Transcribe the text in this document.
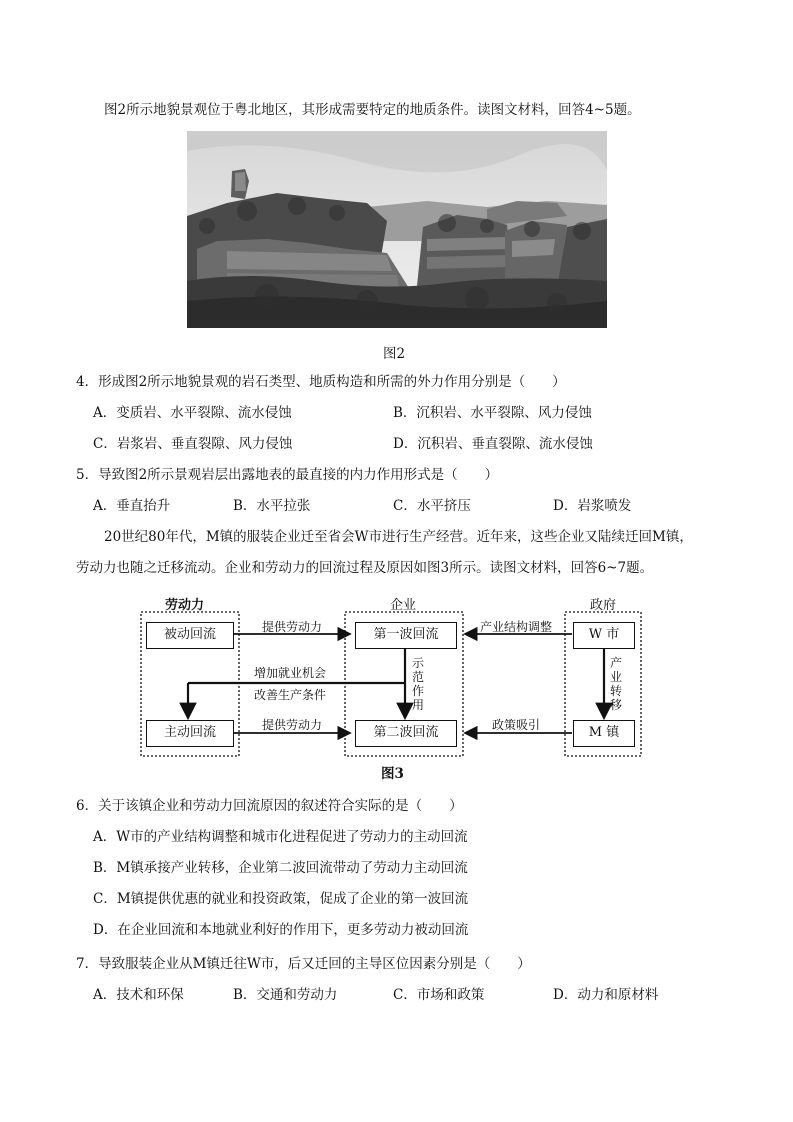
图2所示地貌景观位于粤北地区，其形成需要特定的地质条件。读图文材料，回答4~5题。
图2
4．形成图2所示地貌景观的岩石类型、地质构造和所需的外力作用分别是（　　）
A．变质岩、水平裂隙、流水侵蚀	B．沉积岩、水平裂隙、风力侵蚀
C．岩浆岩、垂直裂隙、风力侵蚀	D．沉积岩、垂直裂隙、流水侵蚀
5．导致图2所示景观岩层出露地表的最直接的内力作用形式是（　　）
A．垂直抬升	B．水平拉张	C．水平挤压	D．岩浆喷发
20世纪80年代，M镇的服装企业迁至省会W市进行生产经营。近年来，这些企业又陆续迁回M镇，
劳动力也随之迁移流动。企业和劳动力的回流过程及原因如图3所示。读图文材料，回答6~7题。
劳动力	企业	政府
被动回流
主动回流
第一波回流
第二波回流
W 市
M 镇
提供劳动力	产业结构调整
增加就业机会
改善生产条件
提供劳动力	政策吸引
示范作用
产业转移
图3
6．关于该镇企业和劳动力回流原因的叙述符合实际的是（　　）
A．W市的产业结构调整和城市化进程促进了劳动力的主动回流
B．M镇承接产业转移，企业第二波回流带动了劳动力主动回流
C．M镇提供优惠的就业和投资政策，促成了企业的第一波回流
D．在企业回流和本地就业利好的作用下，更多劳动力被动回流
7．导致服装企业从M镇迁往W市，后又迁回的主导区位因素分别是（　　）
A．技术和环保	B．交通和劳动力	C．市场和政策	D．动力和原材料
